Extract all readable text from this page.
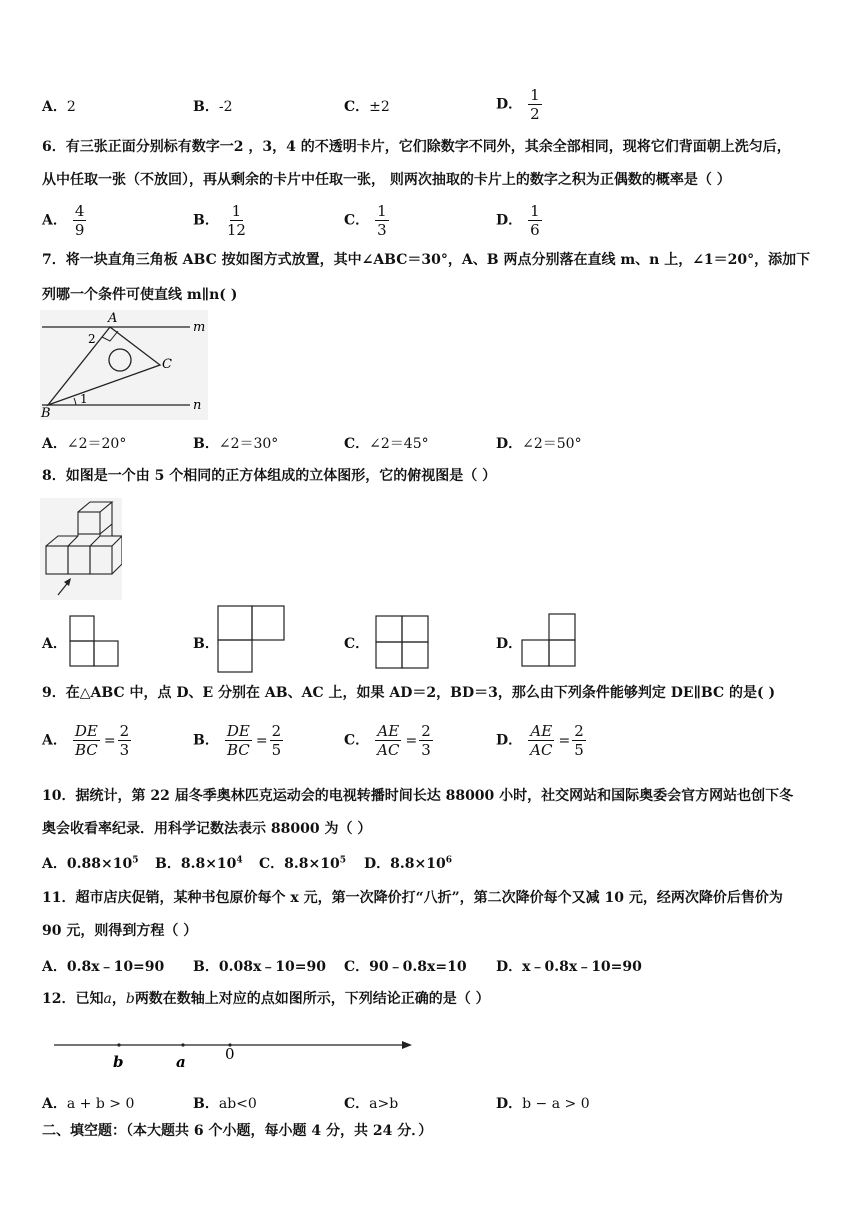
A．2	B．-2	C．±2	D． $\frac{1}{2}$
6．有三张正面分别标有数字一2 ，3，4 的不透明卡片，它们除数字不同外，其余全部相同，现将它们背面朝上洗匀后，
从中任取一张（不放回），再从剩余的卡片中任取一张， 则两次抽取的卡片上的数字之积为正偶数的概率是（ ）
A． $\frac{4}{9}$	B． $\frac{1}{12}$	C． $\frac{1}{3}$	D． $\frac{1}{6}$
7．将一块直角三角板 ABC 按如图方式放置，其中∠ABC＝30°，A、B 两点分别落在直线 m、n 上，∠1＝20°，添加下
列哪一个条件可使直线 m∥n( )
A
B
C
m
n
1
2
A．∠2＝20°	B．∠2＝30°	C．∠2＝45°	D．∠2＝50°
8．如图是一个由 5 个相同的正方体组成的立体图形，它的俯视图是（ ）
A．	B．	C．	D．
9．在△ABC 中，点 D、E 分别在 AB、AC 上，如果 AD＝2，BD＝3，那么由下列条件能够判定 DE∥BC 的是( )
A． $\frac{DE}{BC} = \frac{2}{3}$	B． $\frac{DE}{BC} = \frac{2}{5}$	C． $\frac{AE}{AC} = \frac{2}{3}$	D． $\frac{AE}{AC} = \frac{2}{5}$
10．据统计，第 22 届冬季奥林匹克运动会的电视转播时间长达 88000 小时，社交网站和国际奥委会官方网站也创下冬
奥会收看率纪录．用科学记数法表示 88000 为（ ）
A．$0.88\times 10^5$ B．$8.8\times 10^4$ C．$8.8\times 10^5$ D．$8.8\times 10^6$
11．超市店庆促销，某种书包原价每个 x 元，第一次降价打“八折”，第二次降价每个又减 10 元，经两次降价后售价为
90 元，则得到方程（ ）
A．0.8x﹣10=90 B．0.08x﹣10=90 C．90﹣0.8x=10 D．x﹣0.8x﹣10=90
12．已知a，b两数在数轴上对应的点如图所示，下列结论正确的是（ ）
b	a	0
A．a + b > 0	B．ab<0	C．a>b	D．b − a > 0
二、填空题：（本大题共 6 个小题，每小题 4 分，共 24 分．）
